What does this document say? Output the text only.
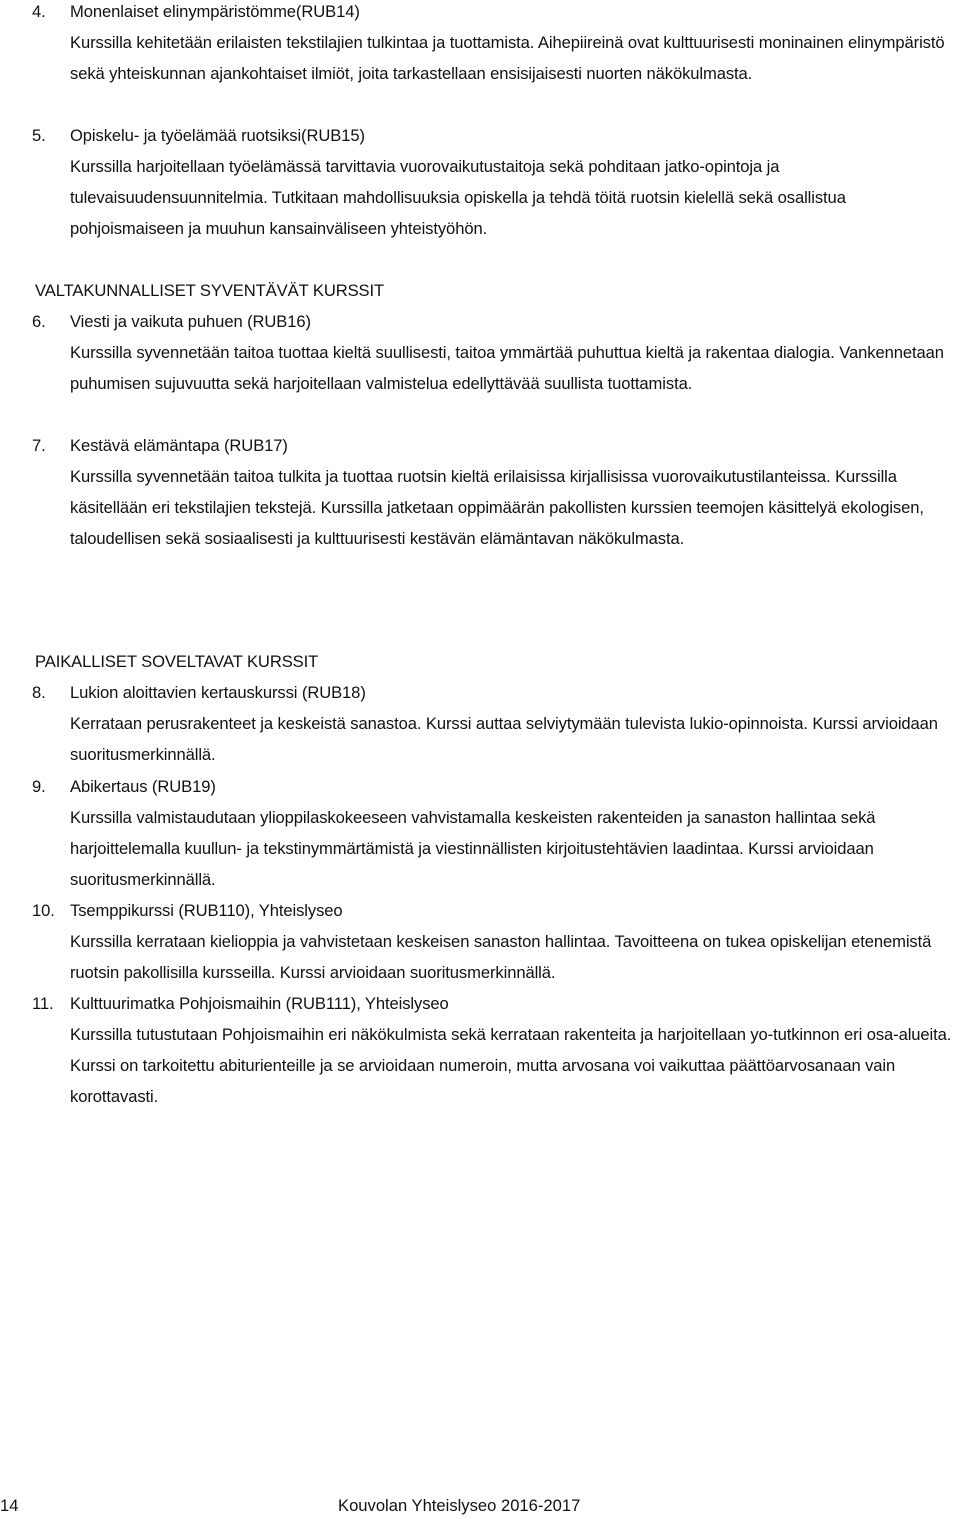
4.	Monenlaiset elinympäristömme(RUB14)
Kurssilla kehitetään erilaisten tekstilajien tulkintaa ja tuottamista. Aihepiireinä ovat kulttuurisesti moninainen elinympäristö sekä yhteiskunnan ajankohtaiset ilmiöt, joita tarkastellaan ensisijaisesti nuorten näkökulmasta.
5.	Opiskelu- ja työelämää ruotsiksi(RUB15)
Kurssilla harjoitellaan työelämässä tarvittavia vuorovaikutustaitoja sekä pohditaan jatko-opintoja ja tulevaisuudensuunnitelmia. Tutkitaan mahdollisuuksia opiskella ja tehdä töitä ruotsin kielellä sekä osallistua pohjoismaiseen ja muuhun kansainväliseen yhteistyöhön.
VALTAKUNNALLISET SYVENTÄVÄT KURSSIT
6.	Viesti ja vaikuta puhuen (RUB16)
Kurssilla syvennetään taitoa tuottaa kieltä suullisesti, taitoa ymmärtää puhuttua kieltä ja rakentaa dialogia. Vankennetaan puhumisen sujuvuutta sekä harjoitellaan valmistelua edellyttävää suullista tuottamista.
7.	Kestävä elämäntapa (RUB17)
Kurssilla syvennetään taitoa tulkita ja tuottaa ruotsin kieltä erilaisissa kirjallisissa vuorovaikutustilanteissa. Kurssilla käsitellään eri tekstilajien tekstejä. Kurssilla jatketaan oppimäärän pakollisten kurssien teemojen käsittelyä ekologisen, taloudellisen sekä sosiaalisesti ja kulttuurisesti kestävän elämäntavan näkökulmasta.
PAIKALLISET SOVELTAVAT KURSSIT
8.	Lukion aloittavien kertauskurssi (RUB18)
Kerrataan perusrakenteet ja keskeistä sanastoa. Kurssi auttaa selviytymään tulevista lukio-opinnoista. Kurssi arvioidaan suoritusmerkinnällä.
9.	Abikertaus (RUB19)
Kurssilla valmistaudutaan ylioppilaskokeeseen vahvistamalla keskeisten rakenteiden ja sanaston hallintaa sekä harjoittelemalla kuullun- ja tekstinymmärtämistä ja viestinnällisten kirjoitustehtävien laadintaa. Kurssi arvioidaan suoritusmerkinnällä.
10. Tsemppikurssi (RUB110), Yhteislyseo
Kurssilla kerrataan kielioppia ja vahvistetaan keskeisen sanaston hallintaa. Tavoitteena on tukea opiskelijan etenemistä ruotsin pakollisilla kursseilla. Kurssi arvioidaan suoritusmerkinnällä.
11. Kulttuurimatka Pohjoismaihin (RUB111), Yhteislyseo
Kurssilla tutustutaan Pohjoismaihin eri näkökulmista sekä kerrataan rakenteita ja harjoitellaan yo-tutkinnon eri osa-alueita. Kurssi on tarkoitettu abiturienteille ja se arvioidaan numeroin, mutta arvosana voi vaikuttaa päättöarvosanaan vain korottavasti.
14	Kouvolan Yhteislyseo 2016-2017
